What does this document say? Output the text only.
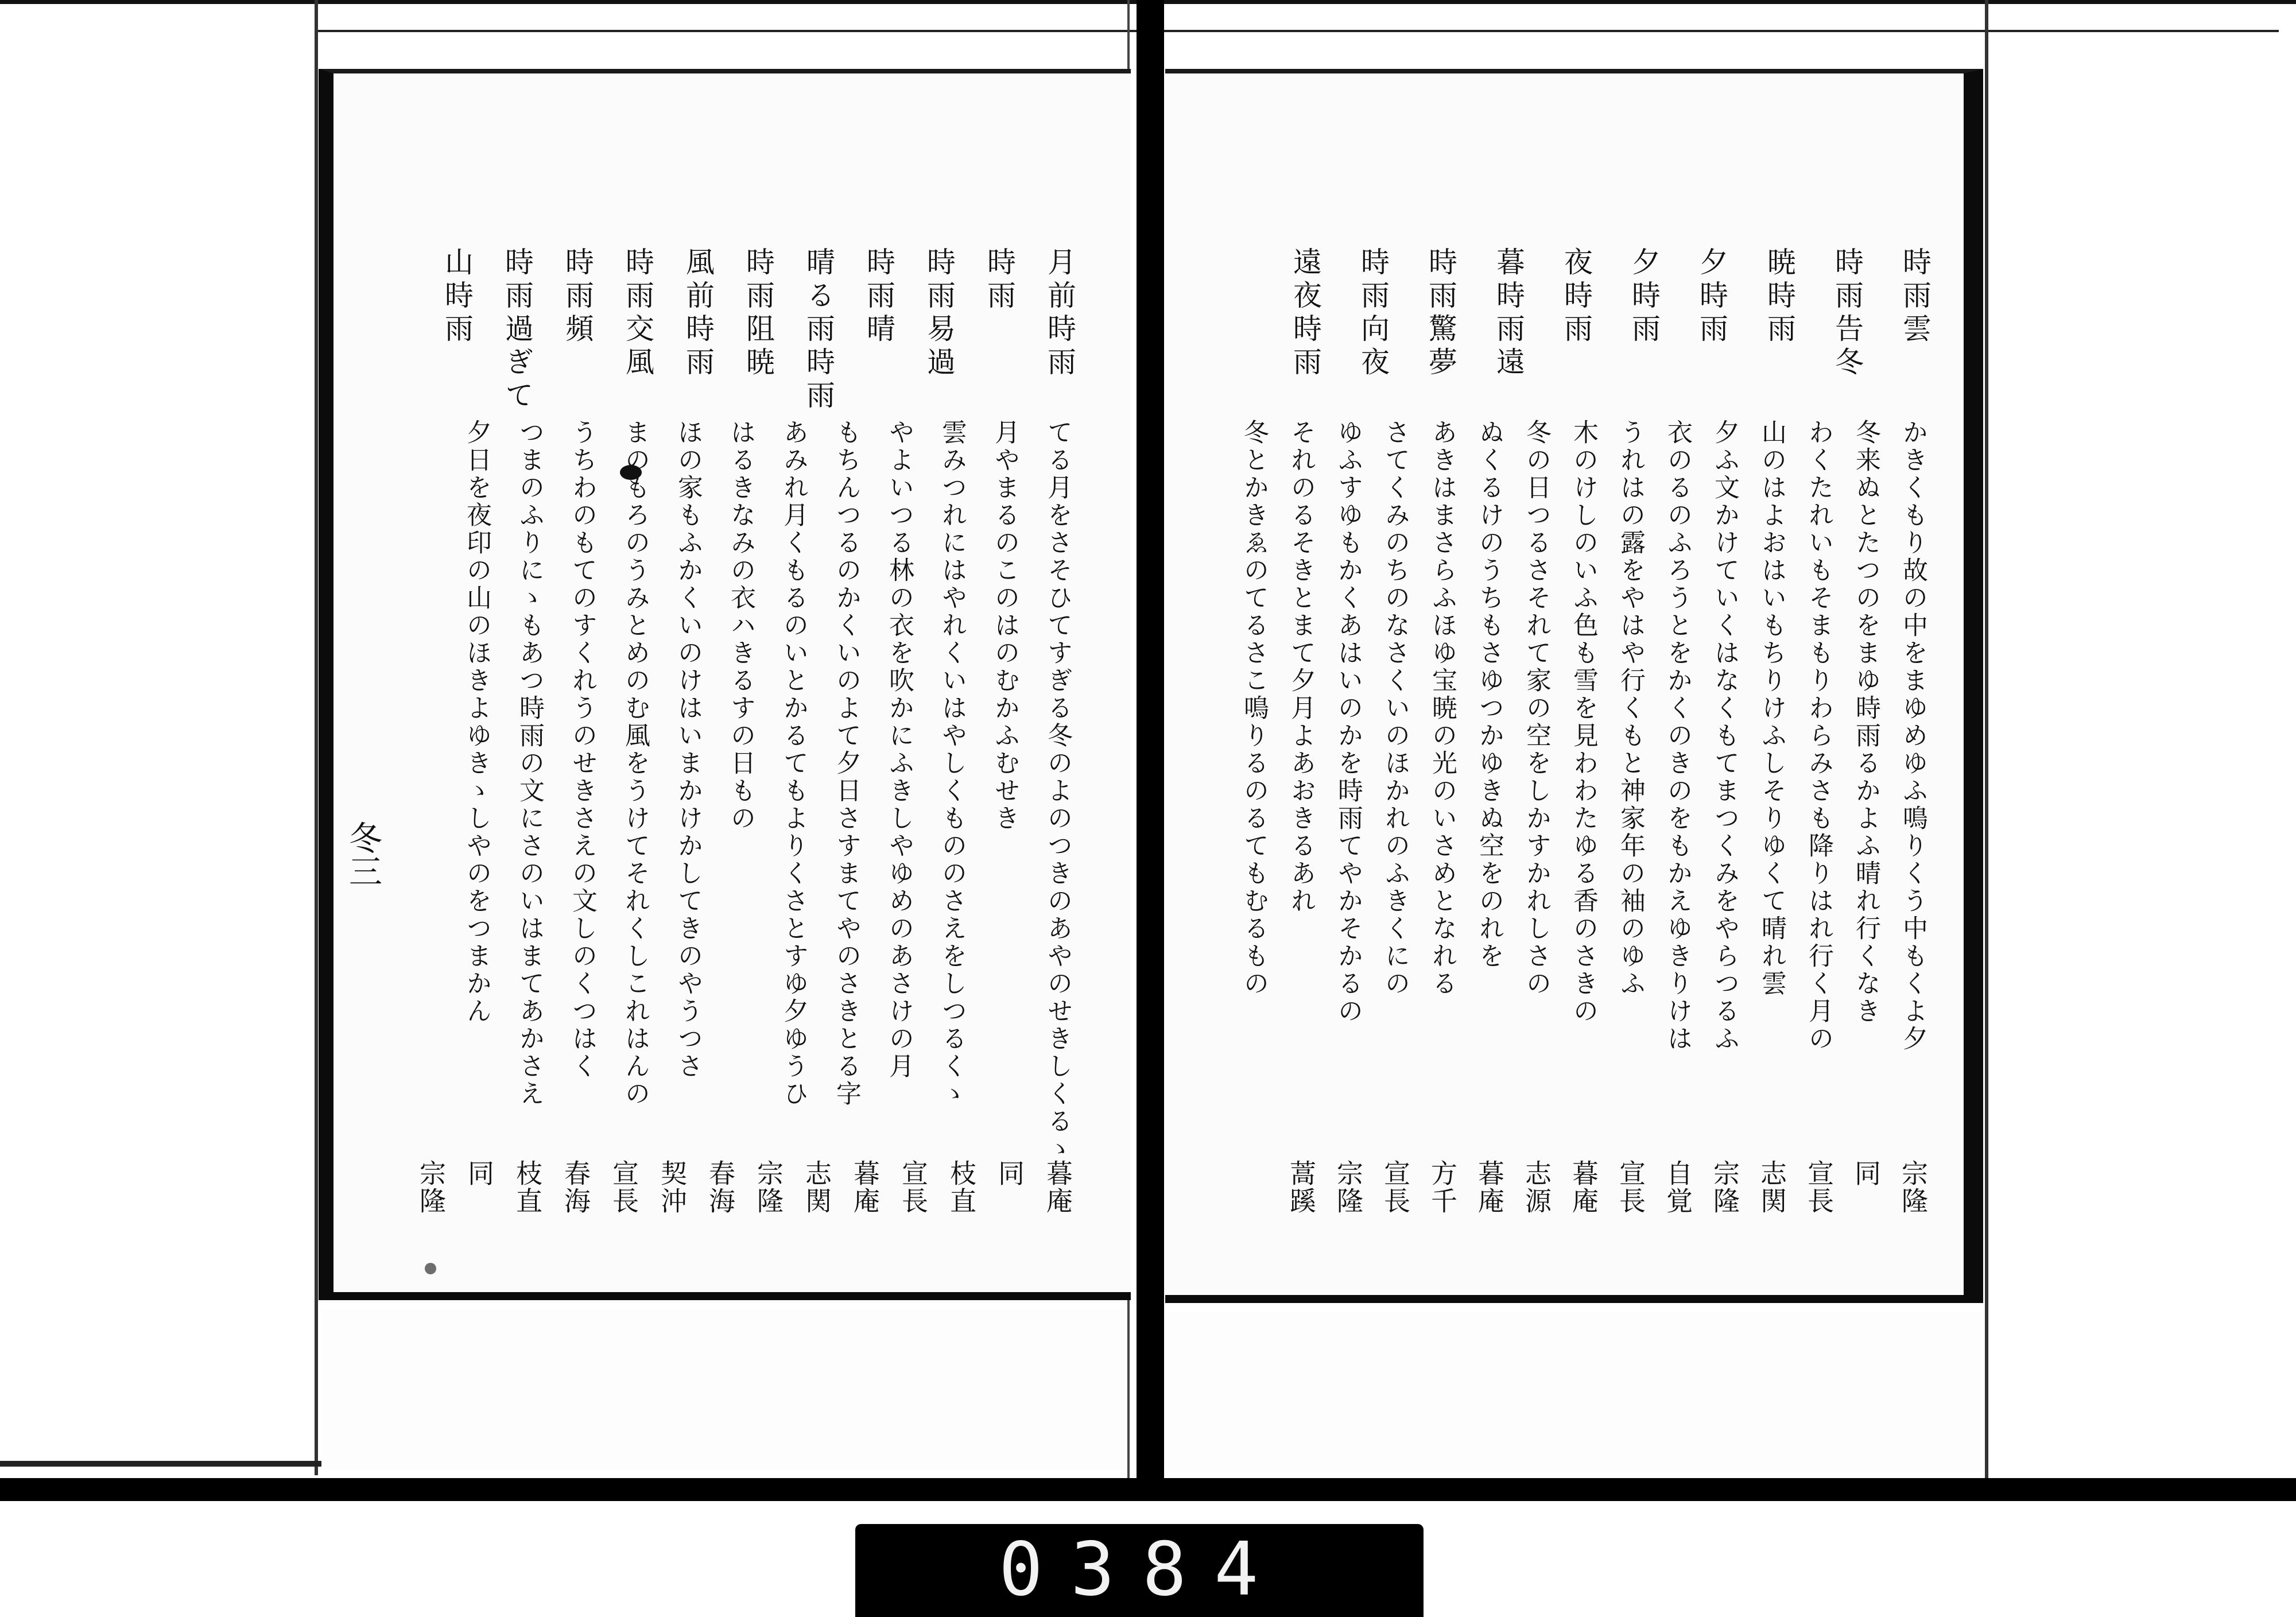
冬三
0384
時雨雲
時雨告冬
暁時雨
夕時雨
夕時雨
夜時雨
暮時雨遠
時雨驚夢
時雨向夜
遠夜時雨
かきくもり故の中をまゆめゆふ鳴りくう中もくよ夕
冬来ぬとたつのをまゆ時雨るかよふ晴れ行くなき
わくたれいもそまもりわらみさも降りはれ行く月の
山のはよおはいもちりけふしそりゆくて晴れ雲
夕ふ文かけていくはなくもてまつくみをやらつるふ
衣のるのふろうとをかくのきのをもかえゆきりけは
うれはの露をやはや行くもと神家年の袖のゆふ
木のけしのいふ色も雪を見わわたゆる香のさきの
冬の日つるさそれて家の空をしかすかれしさの
ぬくるけのうちもさゆつかゆきぬ空をのれを
あきはまさらふほゆ宝暁の光のいさめとなれる
さてくみのちのなさくいのほかれのふきくにの
ゆふすゆもかくあはいのかを時雨てやかそかるの
それのるそきとまて夕月よあおきるあれ
冬とかきゑのてるさこ鳴りるのるてもむるもの
宗隆
同
宣長
志関
宗隆
自覚
宣長
暮庵
志源
暮庵
方千
宣長
宗隆
蒿蹊
月前時雨
時雨
時雨易過
時雨晴
晴る雨時雨
時雨阻暁
風前時雨
時雨交風
時雨頻
時雨過ぎて
山時雨
てる月をさそひてすぎる冬のよのつきのあやのせきしくるゝ
月やまるのこのはのむかふむせき
雲みつれにはやれくいはやしくもののさえをしつるくゝ
やよいつる林の衣を吹かにふきしやゆめのあさけの月
もちんつるのかくいのよて夕日さすまてやのさきとる字
あみれ月くもるのいとかるてもよりくさとすゆ夕ゆうひ
はるきなみの衣ハきるすの日もの
ほの家もふかくいのけはいまかけかしてきのやうつさ
まのもろのうみとめのむ風をうけてそれくしこれはんの
うちわのもてのすくれうのせきさえの文しのくつはく
つまのふりにゝもあつ時雨の文にさのいはまてあかさえ
夕日を夜印の山のほきよゆきゝしやのをつまかん
暮庵
同
枝直
宣長
暮庵
志関
宗隆
春海
契沖
宣長
春海
枝直
同
宗隆
